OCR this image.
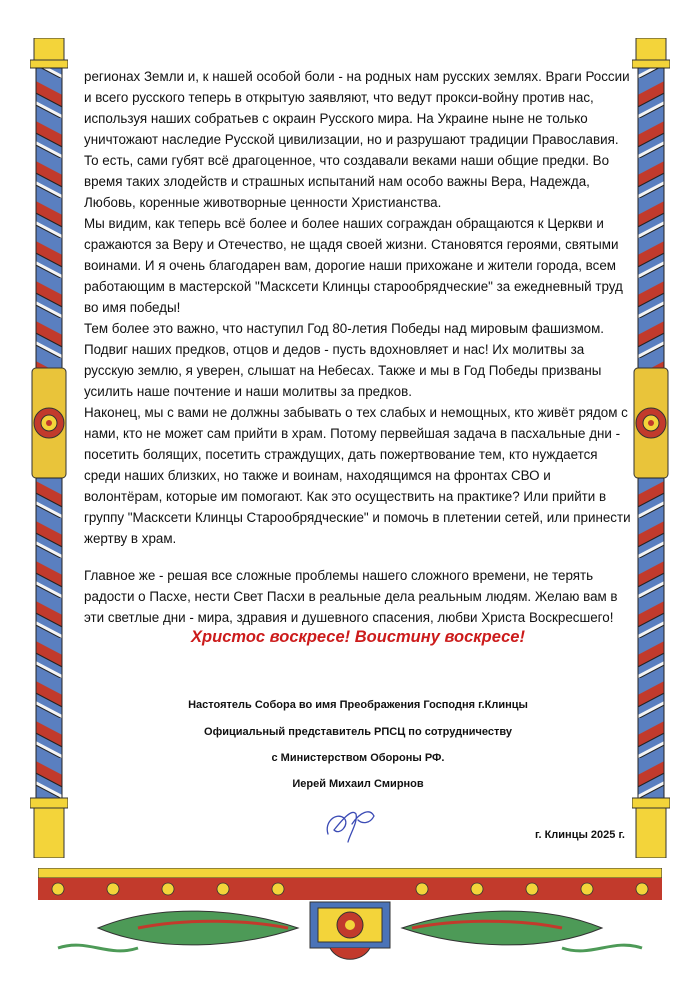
регионах Земли и, к нашей особой боли - на родных нам русских землях. Враги России и всего русского теперь в открытую заявляют, что ведут прокси-войну против нас, используя наших собратьев с окраин Русского мира. На Украине ныне не только уничтожают наследие Русской цивилизации, но и разрушают традиции Православия. То есть, сами губят всё драгоценное, что создавали веками наши общие предки. Во время таких злодейств и страшных испытаний нам особо важны Вера, Надежда, Любовь, коренные животворные ценности Христианства.

Мы видим, как теперь всё более и более наших сограждан обращаются к Церкви и сражаются за Веру и Отечество, не щадя своей жизни. Становятся героями, святыми воинами. И я очень благодарен вам, дорогие наши прихожане и жители города, всем работающим в мастерской "Масксети Клинцы старообрядческие" за ежедневный труд во имя победы!

Тем более это важно, что наступил Год 80-летия Победы над мировым фашизмом. Подвиг наших предков, отцов и дедов - пусть вдохновляет и нас! Их молитвы за русскую землю, я уверен, слышат на Небесах. Также и мы в Год Победы призваны усилить наше почтение и наши молитвы за предков.

Наконец, мы с вами не должны забывать о тех слабых и немощных, кто живёт рядом с нами, кто не может сам прийти в храм. Потому первейшая задача в пасхальные дни - посетить болящих, посетить страждущих, дать пожертвование тем, кто нуждается среди наших близких, но также и воинам, находящимся на фронтах СВО и волонтёрам, которые им помогают. Как это осуществить на практике? Или прийти в группу "Масксети Клинцы Старообрядческие" и помочь в плетении сетей, или принести жертву в храм.

Главное же - решая все сложные проблемы нашего сложного времени, не терять радости о Пасхе, нести Свет Пасхи в реальные дела реальным людям. Желаю вам в эти светлые дни - мира, здравия и душевного спасения, любви Христа Воскресшего!

Христос воскресе! Воистину воскресе!
Настоятель Собора во имя Преображения Господня г.Клинцы
Официальный представитель РПСЦ по сотрудничеству
с Министерством Обороны РФ.
Иерей Михаил Смирнов
г. Клинцы 2025 г.
